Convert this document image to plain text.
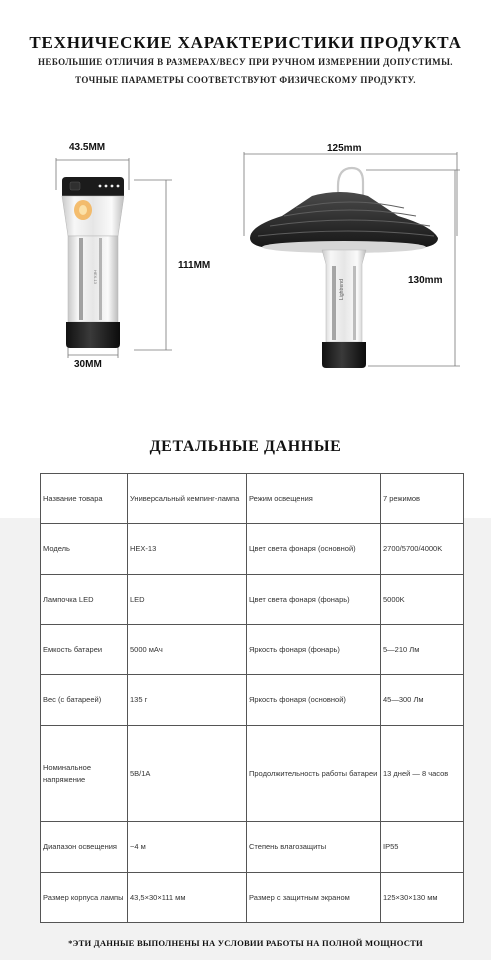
ТЕХНИЧЕСКИЕ ХАРАКТЕРИСТИКИ ПРОДУКТА
НЕБОЛЬШИЕ ОТЛИЧИЯ В РАЗМЕРАХ/ВЕСУ ПРИ РУЧНОМ ИЗМЕРЕНИИ ДОПУСТИМЫ.
ТОЧНЫЕ ПАРАМЕТРЫ СООТВЕТСТВУЮТ ФИЗИЧЕСКОМУ ПРОДУКТУ.
HEX-13
Lightrend
43.5MM
111MM
30MM
125mm
130mm
ДЕТАЛЬНЫЕ ДАННЫЕ
Название товара	Универсальный кемпинг-лампа	Режим освещения	7 режимов
Модель	HEX-13	Цвет света фонаря (основной)	2700/5700/4000K
Лампочка LED	LED	Цвет света фонаря (фонарь)	5000K
Емкость батареи	5000 мАч	Яркость фонаря (фонарь)	5—210 Лм
Вес (с батареей)	135 г	Яркость фонаря (основной)	45—300 Лм
Номинальное напряжение	5B/1A	Продолжительность работы батареи	13 дней — 8 часов
Диапазон освещения	~4 м	Степень влагозащиты	IP55
Размер корпуса лампы	43,5×30×111 мм	Размер с защитным экраном	125×30×130 мм
*ЭТИ ДАННЫЕ ВЫПОЛНЕНЫ НА УСЛОВИИ РАБОТЫ НА ПОЛНОЙ МОЩНОСТИ
